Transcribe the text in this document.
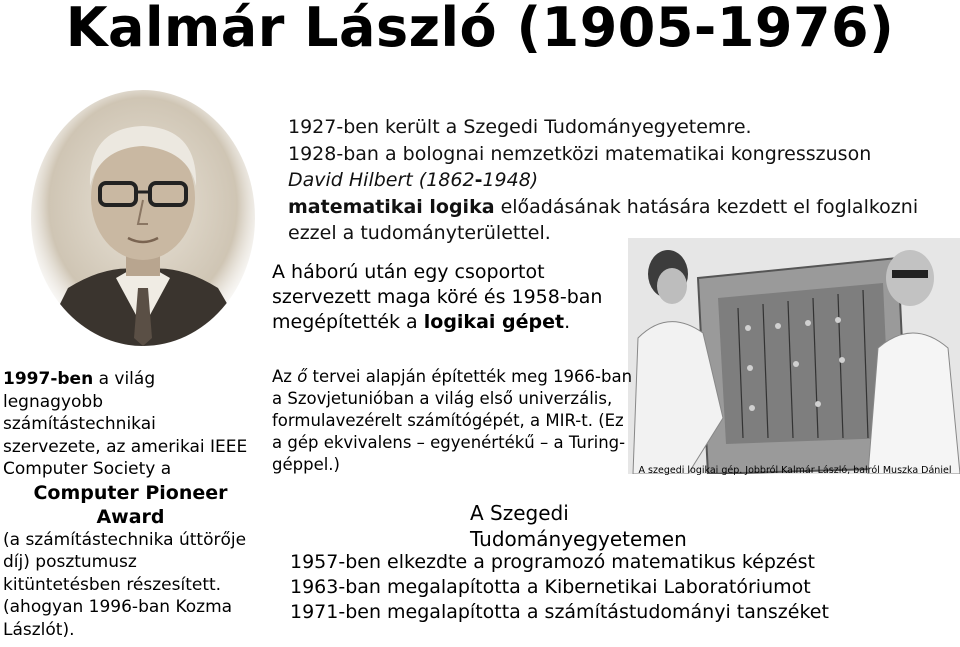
Kalmár László (1905-1976)

1927-ben került a Szegedi Tudományegyetemre.

1928-ban a bolognai nemzetközi matematikai kongresszuson David Hilbert (1862-1948)

matematikai logika előadásának hatására kezdett el foglalkozni ezzel a tudományterülettel.

A szegedi logikai gép. Jobbról Kalmár László, balról Muszka Dániel

A háború után egy csoportot szervezett maga köré és 1958-ban megépítették a logikai gépet.

Az ő tervei alapján építették meg 1966-ban a Szovjetunióban a világ első univerzális, formulavezérelt számítógépét, a MIR-t. (Ez a gép ekvivalens – egyenértékű – a Turing-géppel.)

1997-ben a világ legnagyobb számítástechnikai szervezete, az amerikai IEEE Computer Society a

Computer Pioneer
Award

(a számítástechnika úttörője díj) posztumusz kitüntetésben részesített. (ahogyan 1996-ban Kozma Lászlót).

A Szegedi

Tudományegyetemen

1957-ben elkezdte a programozó matematikus képzést

1963-ban megalapította a Kibernetikai Laboratóriumot

1971-ben megalapította a számítástudományi tanszéket
